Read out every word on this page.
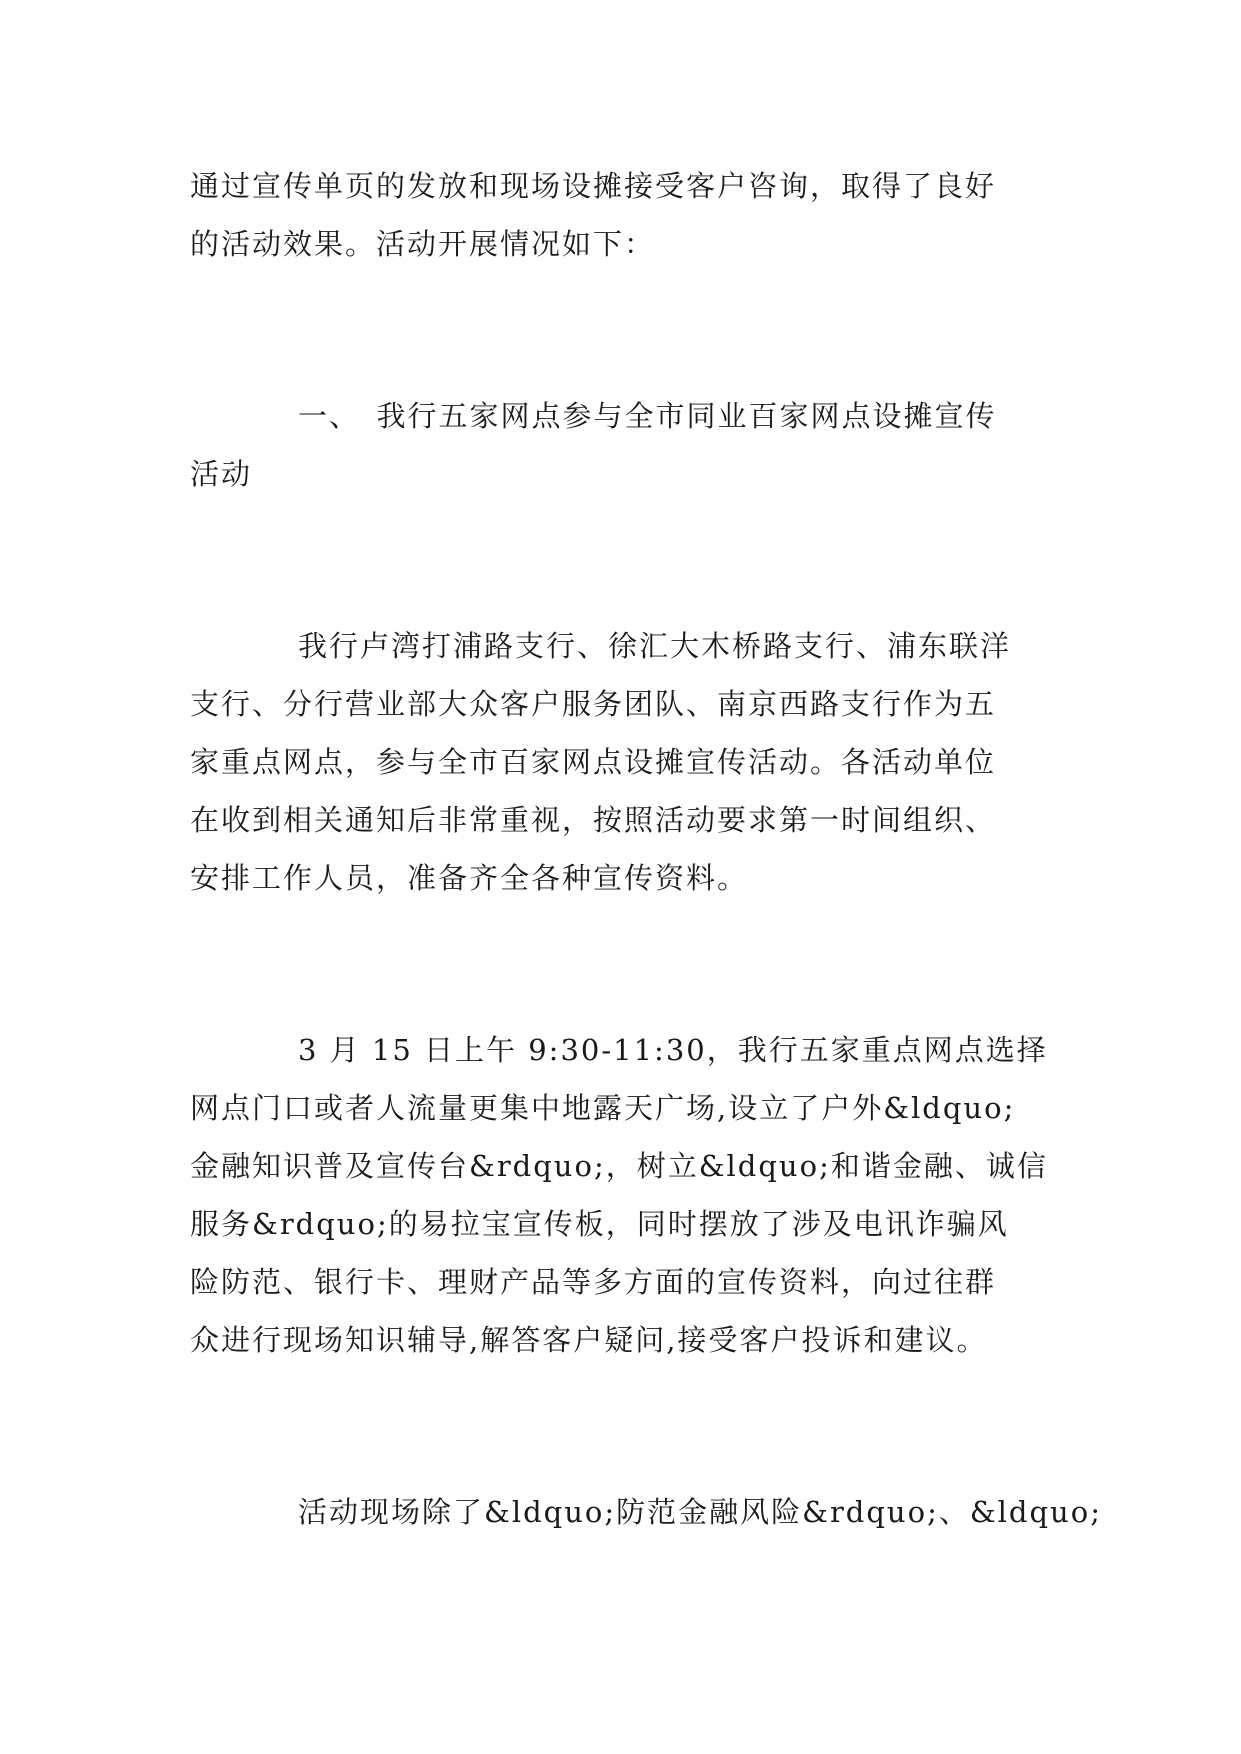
通过宣传单页的发放和现场设摊接受客户咨询，取得了良好
的活动效果。活动开展情况如下：
一、　我行五家网点参与全市同业百家网点设摊宣传
活动
我行卢湾打浦路支行、徐汇大木桥路支行、浦东联洋
支行、分行营业部大众客户服务团队、南京西路支行作为五
家重点网点，参与全市百家网点设摊宣传活动。各活动单位
在收到相关通知后非常重视，按照活动要求第一时间组织、
安排工作人员，准备齐全各种宣传资料。
3 月 15 日上午 9:30-11:30，我行五家重点网点选择
网点门口或者人流量更集中地露天广场,设立了户外&ldquo;
金融知识普及宣传台&rdquo;，树立&ldquo;和谐金融、诚信
服务&rdquo;的易拉宝宣传板，同时摆放了涉及电讯诈骗风
险防范、银行卡、理财产品等多方面的宣传资料，向过往群
众进行现场知识辅导,解答客户疑问,接受客户投诉和建议。
活动现场除了&ldquo;防范金融风险&rdquo;、&ldquo;
